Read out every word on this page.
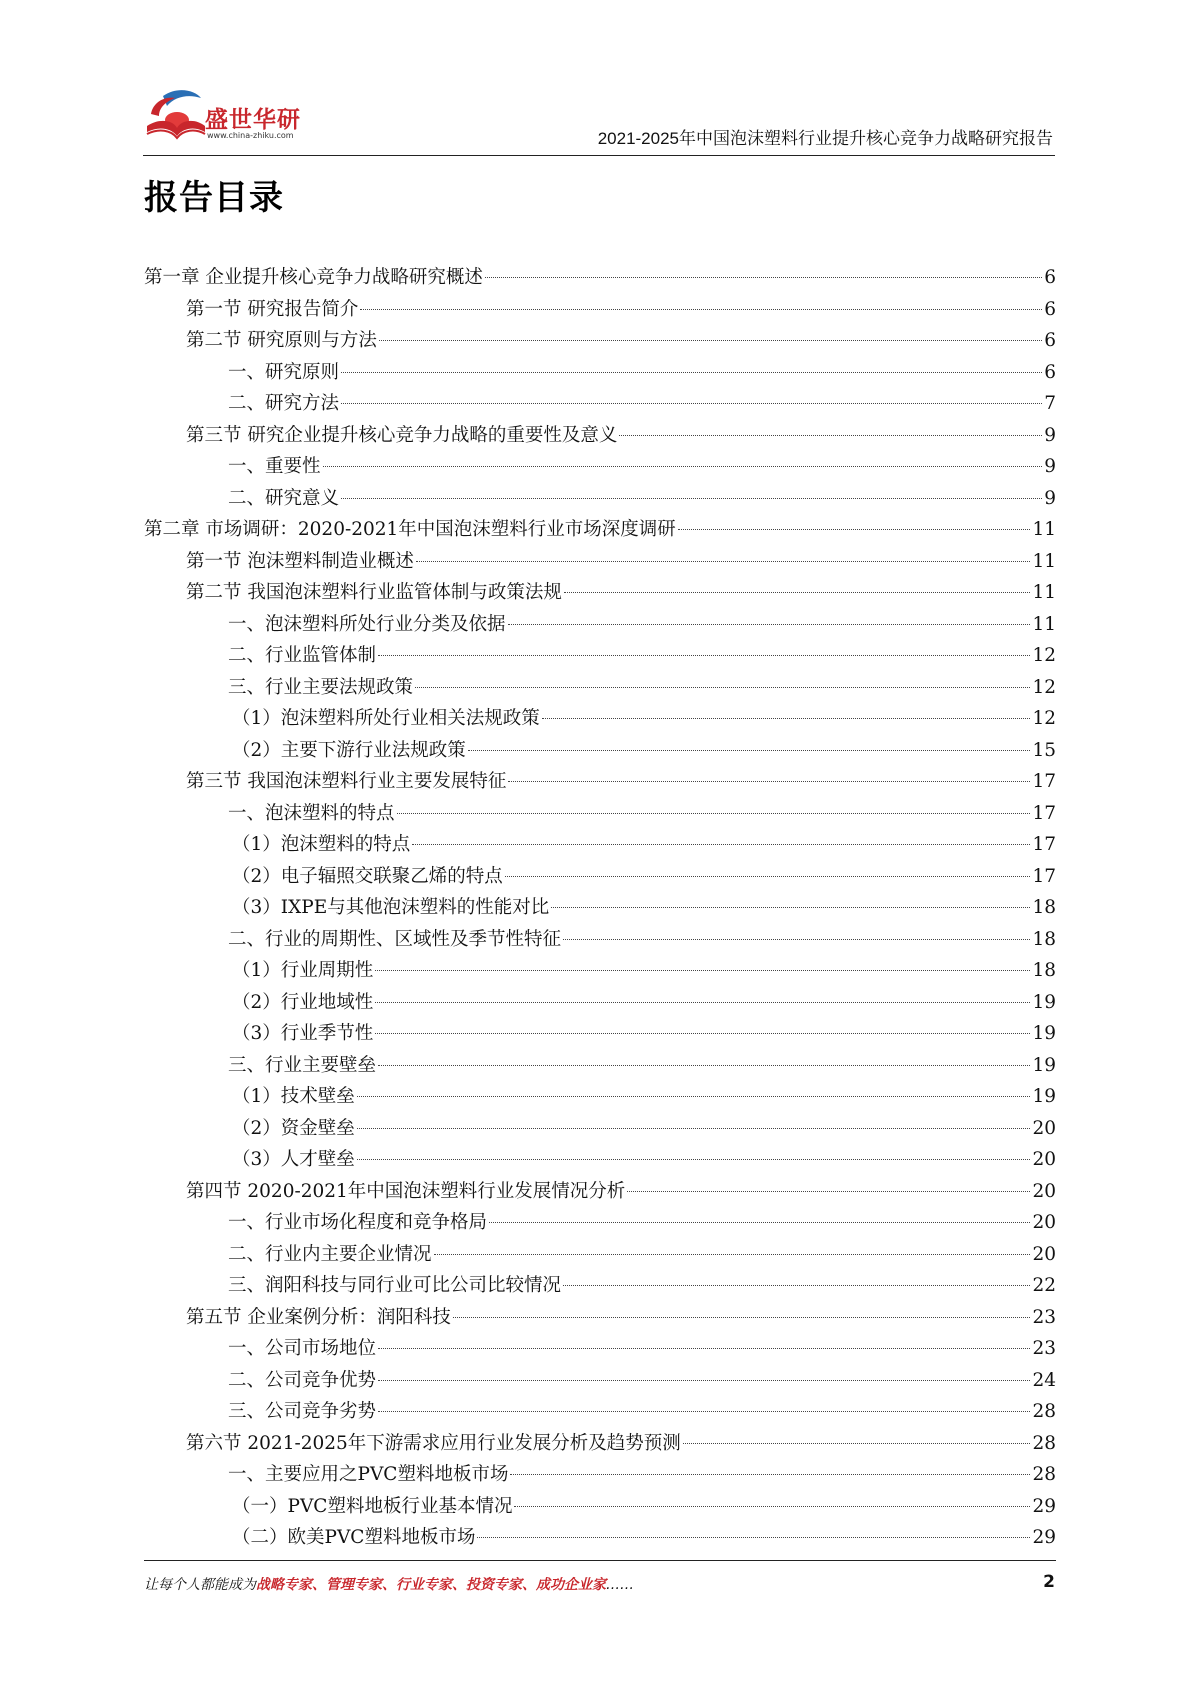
盛世华研
www.china-zhiku.com	2021-2025年中国泡沫塑料行业提升核心竞争力战略研究报告
报告目录
第一章 企业提升核心竞争力战略研究概述	6
第一节 研究报告简介	6
第二节 研究原则与方法	6
一、研究原则	6
二、研究方法	7
第三节 研究企业提升核心竞争力战略的重要性及意义	9
一、重要性	9
二、研究意义	9
第二章 市场调研：2020-2021年中国泡沫塑料行业市场深度调研	11
第一节 泡沫塑料制造业概述	11
第二节 我国泡沫塑料行业监管体制与政策法规	11
一、泡沫塑料所处行业分类及依据	11
二、行业监管体制	12
三、行业主要法规政策	12
（1）泡沫塑料所处行业相关法规政策	12
（2）主要下游行业法规政策	15
第三节 我国泡沫塑料行业主要发展特征	17
一、泡沫塑料的特点	17
（1）泡沫塑料的特点	17
（2）电子辐照交联聚乙烯的特点	17
（3）IXPE与其他泡沫塑料的性能对比	18
二、行业的周期性、区域性及季节性特征	18
（1）行业周期性	18
（2）行业地域性	19
（3）行业季节性	19
三、行业主要壁垒	19
（1）技术壁垒	19
（2）资金壁垒	20
（3）人才壁垒	20
第四节 2020-2021年中国泡沫塑料行业发展情况分析	20
一、行业市场化程度和竞争格局	20
二、行业内主要企业情况	20
三、润阳科技与同行业可比公司比较情况	22
第五节 企业案例分析：润阳科技	23
一、公司市场地位	23
二、公司竞争优势	24
三、公司竞争劣势	28
第六节 2021-2025年下游需求应用行业发展分析及趋势预测	28
一、主要应用之PVC塑料地板市场	28
（一）PVC塑料地板行业基本情况	29
（二）欧美PVC塑料地板市场	29
让每个人都能成为战略专家、管理专家、行业专家、投资专家、成功企业家……	2
